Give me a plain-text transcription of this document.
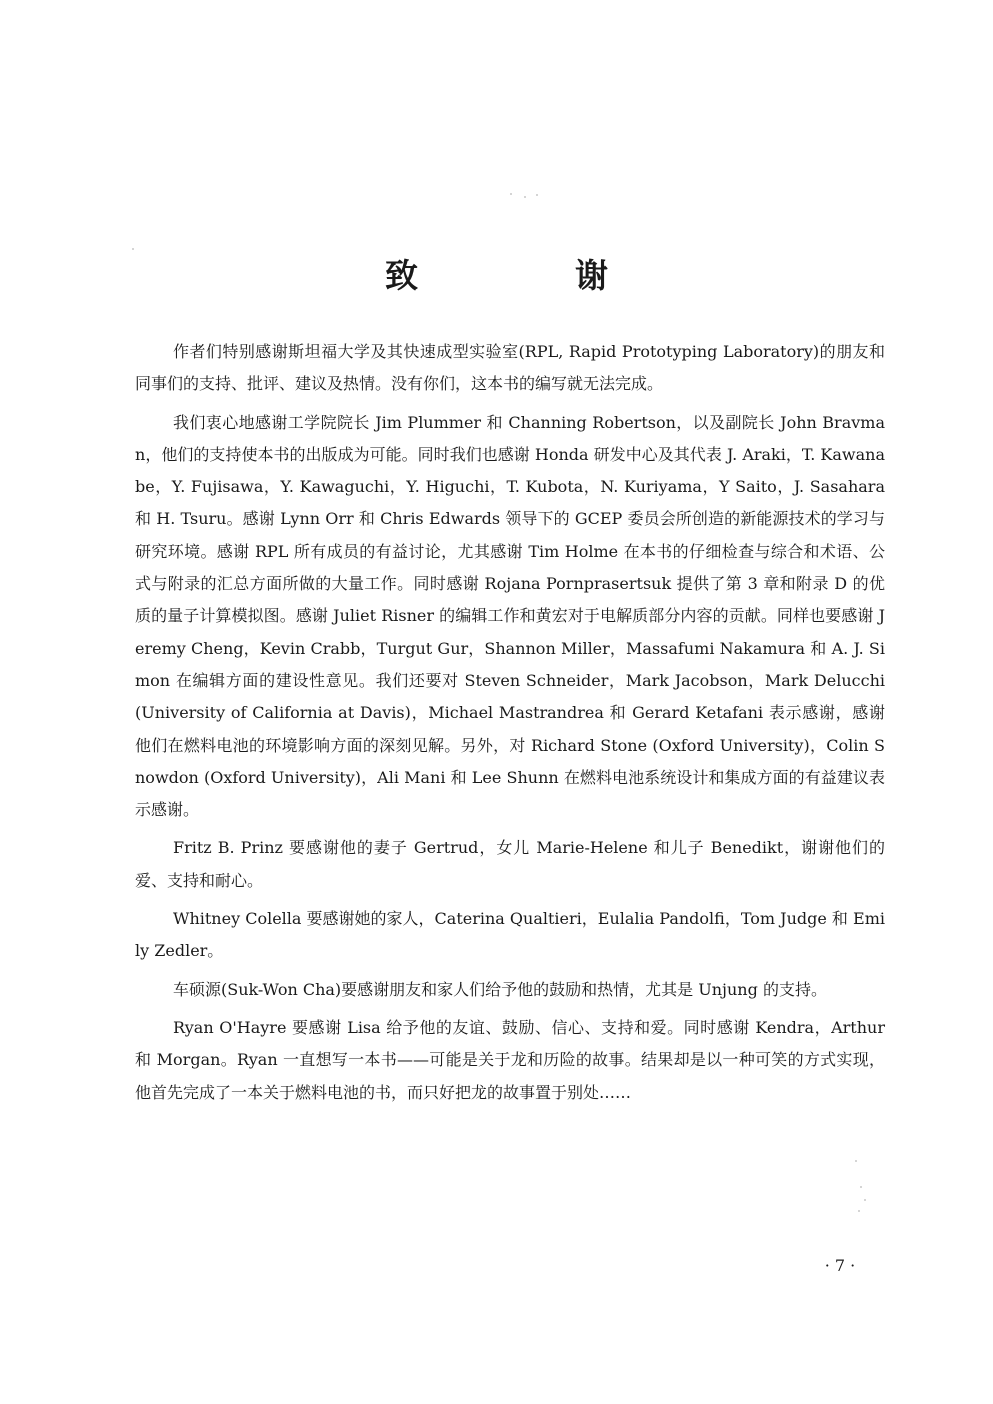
致　谢

作者们特别感谢斯坦福大学及其快速成型实验室(RPL, Rapid Prototyping Laboratory)的朋友和同事们的支持、批评、建议及热情。没有你们，这本书的编写就无法完成。

我们衷心地感谢工学院院长 Jim Plummer 和 Channing Robertson，以及副院长 John Bravman，他们的支持使本书的出版成为可能。同时我们也感谢 Honda 研发中心及其代表 J. Araki，T. Kawanabe，Y. Fujisawa，Y. Kawaguchi，Y. Higuchi，T. Kubota，N. Kuriyama，Y Saito，J. Sasahara 和 H. Tsuru。感谢 Lynn Orr 和 Chris Edwards 领导下的 GCEP 委员会所创造的新能源技术的学习与研究环境。感谢 RPL 所有成员的有益讨论，尤其感谢 Tim Holme 在本书的仔细检查与综合和术语、公式与附录的汇总方面所做的大量工作。同时感谢 Rojana Pornprasertsuk 提供了第 3 章和附录 D 的优质的量子计算模拟图。感谢 Juliet Risner 的编辑工作和黄宏对于电解质部分内容的贡献。同样也要感谢 Jeremy Cheng，Kevin Crabb，Turgut Gur，Shannon Miller，Massafumi Nakamura 和 A. J. Simon 在编辑方面的建设性意见。我们还要对 Steven Schneider，Mark Jacobson，Mark Delucchi (University of California at Davis)，Michael Mastrandrea 和 Gerard Ketafani 表示感谢，感谢他们在燃料电池的环境影响方面的深刻见解。另外，对 Richard Stone (Oxford University)，Colin Snowdon (Oxford University)，Ali Mani 和 Lee Shunn 在燃料电池系统设计和集成方面的有益建议表示感谢。

Fritz B. Prinz 要感谢他的妻子 Gertrud，女儿 Marie-Helene 和儿子 Benedikt，谢谢他们的爱、支持和耐心。

Whitney Colella 要感谢她的家人，Caterina Qualtieri，Eulalia Pandolfi，Tom Judge 和 Emily Zedler。

车硕源(Suk-Won Cha)要感谢朋友和家人们给予他的鼓励和热情，尤其是 Unjung 的支持。

Ryan O'Hayre 要感谢 Lisa 给予他的友谊、鼓励、信心、支持和爱。同时感谢 Kendra，Arthur 和 Morgan。Ryan 一直想写一本书——可能是关于龙和历险的故事。结果却是以一种可笑的方式实现，他首先完成了一本关于燃料电池的书，而只好把龙的故事置于别处……

· 7 ·
